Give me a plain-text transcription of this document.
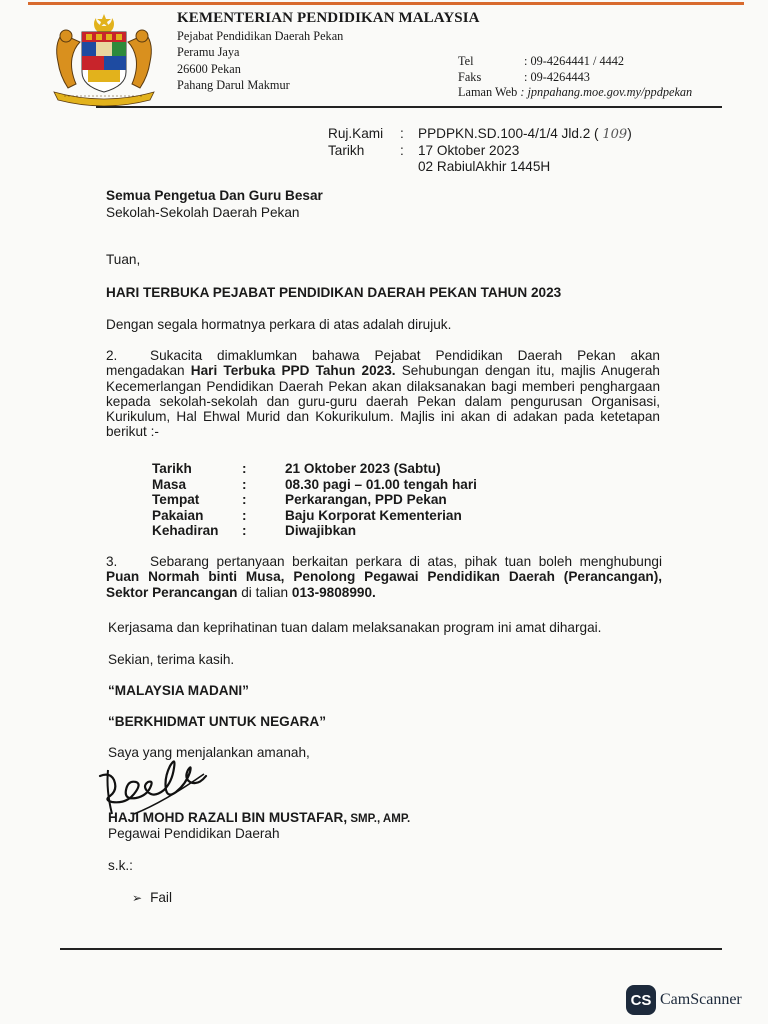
KEMENTERIAN PENDIDIKAN MALAYSIA
Pejabat Pendidikan Daerah Pekan
Peramu Jaya
26600 Pekan
Pahang Darul Makmur
Tel	: 09-4264441 / 4442
Faks	: 09-4264443
Laman Web : jpnpahang.moe.gov.my/ppdpekan
Ruj.Kami : PPDPKN.SD.100-4/1/4 Jld.2 ( 109)
Tarikh	: 17 Oktober 2023
02 RabiulAkhir 1445H
Semua Pengetua Dan Guru Besar
Sekolah-Sekolah Daerah Pekan
Tuan,
HARI TERBUKA PEJABAT PENDIDIKAN DAERAH PEKAN TAHUN 2023
Dengan segala hormatnya perkara di atas adalah dirujuk.
2. Sukacita dimaklumkan bahawa Pejabat Pendidikan Daerah Pekan akan mengadakan Hari Terbuka PPD Tahun 2023. Sehubungan dengan itu, majlis Anugerah Kecemerlangan Pendidikan Daerah Pekan akan dilaksanakan bagi memberi penghargaan kepada sekolah-sekolah dan guru-guru daerah Pekan dalam pengurusan Organisasi, Kurikulum, Hal Ehwal Murid dan Kokurikulum. Majlis ini akan di adakan pada ketetapan berikut :-
Tarikh	:	21 Oktober 2023 (Sabtu)
Masa	:	08.30 pagi – 01.00 tengah hari
Tempat	:	Perkarangan, PPD Pekan
Pakaian	:	Baju Korporat Kementerian
Kehadiran	:	Diwajibkan
3. Sebarang pertanyaan berkaitan perkara di atas, pihak tuan boleh menghubungi Puan Normah binti Musa, Penolong Pegawai Pendidikan Daerah (Perancangan), Sektor Perancangan di talian 013-9808990.
Kerjasama dan keprihatinan tuan dalam melaksanakan program ini amat dihargai.
Sekian, terima kasih.
“MALAYSIA MADANI”
“BERKHIDMAT UNTUK NEGARA”
Saya yang menjalankan amanah,
HAJI MOHD RAZALI BIN MUSTAFAR, SMP., AMP.
Pegawai Pendidikan Daerah
s.k.:
➢ Fail
CS CamScanner
